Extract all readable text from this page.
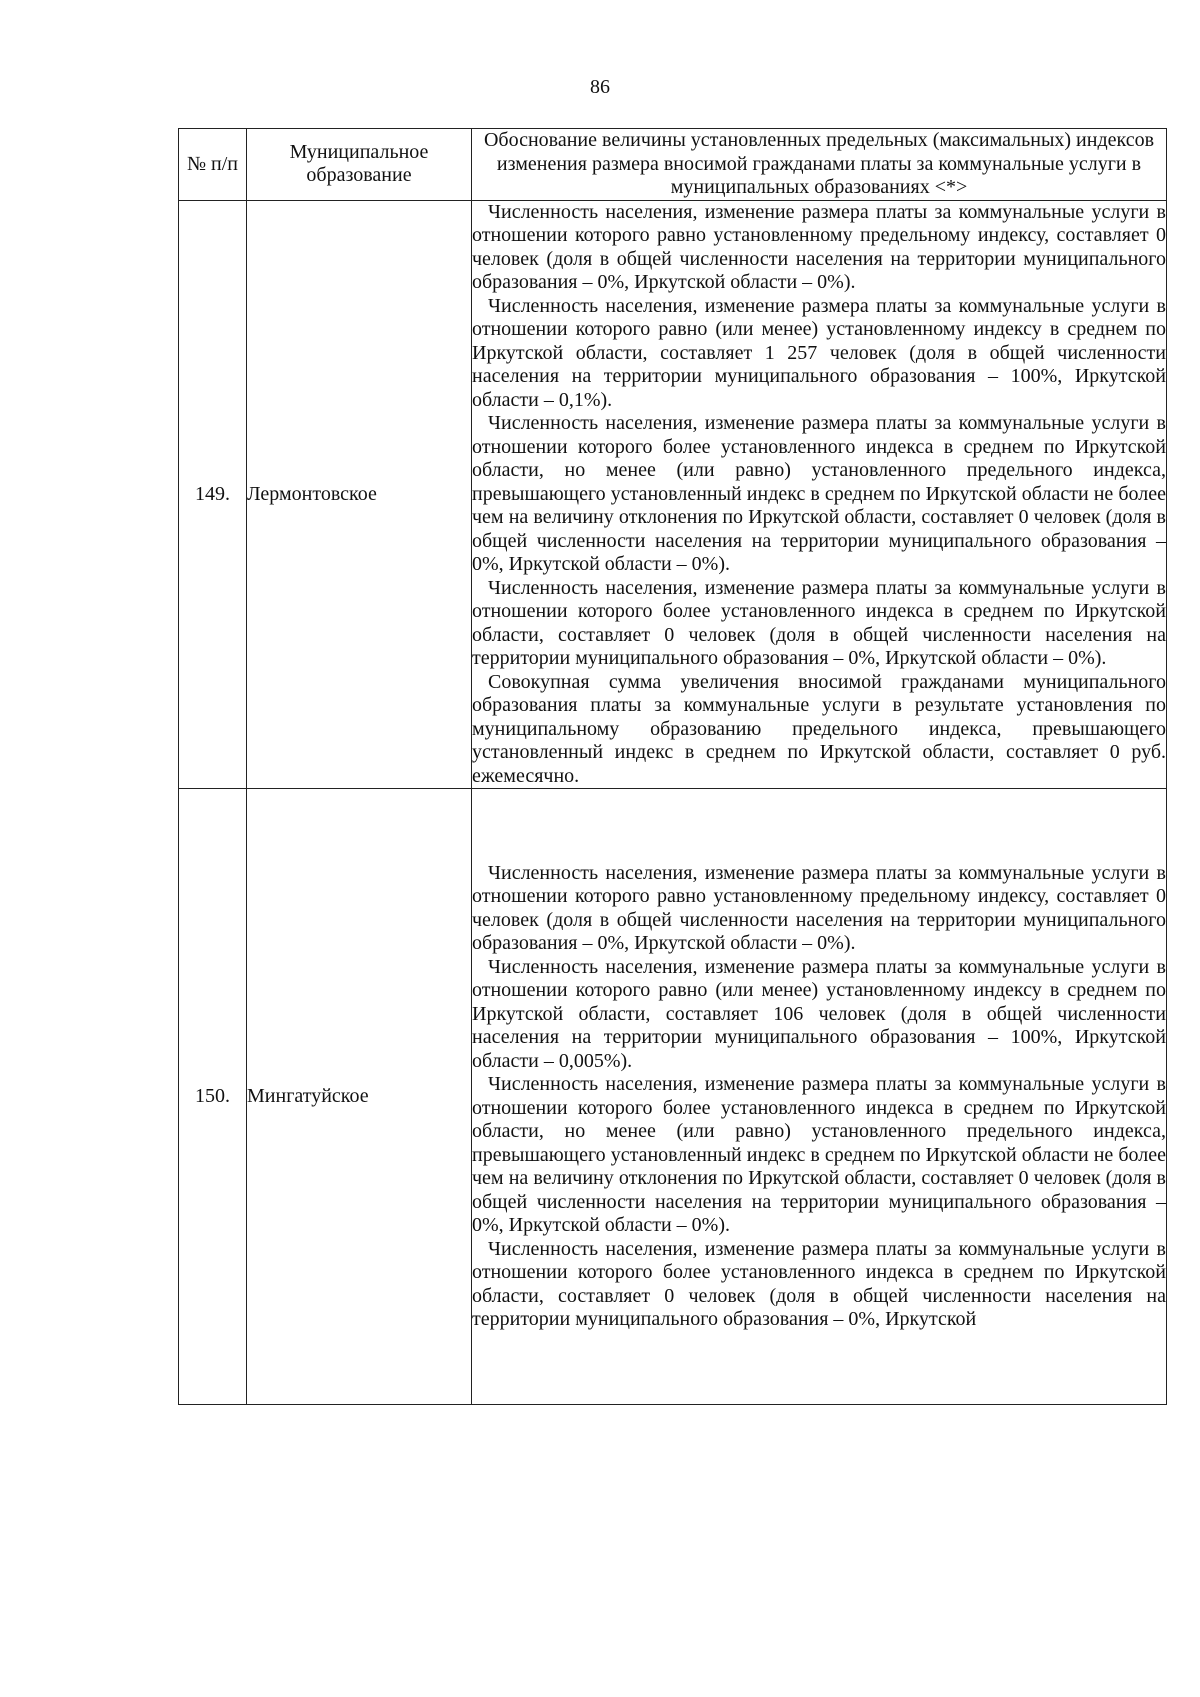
86
№ п/п	Муниципальное образование	Обоснование величины установленных предельных (максимальных) индексов изменения размера вносимой гражданами платы за коммунальные услуги в муниципальных образованиях <*>
149.	Лермонтовское	Численность населения, изменение размера платы за коммунальные услуги в отношении которого равно установленному предельному индексу, составляет 0 человек (доля в общей численности населения на территории муниципального образования – 0%, Иркутской области – 0%).

Численность населения, изменение размера платы за коммунальные услуги в отношении которого равно (или менее) установленному индексу в среднем по Иркутской области, составляет 1 257 человек (доля в общей численности населения на территории муниципального образования – 100%, Иркутской области – 0,1%).

Численность населения, изменение размера платы за коммунальные услуги в отношении которого более установленного индекса в среднем по Иркутской области, но менее (или равно) установленного предельного индекса, превышающего установленный индекс в среднем по Иркутской области не более чем на величину отклонения по Иркутской области, составляет 0 человек (доля в общей численности населения на территории муниципального образования – 0%, Иркутской области – 0%).

Численность населения, изменение размера платы за коммунальные услуги в отношении которого более установленного индекса в среднем по Иркутской области, составляет 0 человек (доля в общей численности населения на территории муниципального образования – 0%, Иркутской области – 0%).

Совокупная сумма увеличения вносимой гражданами муниципального образования платы за коммунальные услуги в результате установления по муниципальному образованию предельного индекса, превышающего установленный индекс в среднем по Иркутской области, составляет 0 руб. ежемесячно.

150.	Мингатуйское	Численность населения, изменение размера платы за коммунальные услуги в отношении которого равно установленному предельному индексу, составляет 0 человек (доля в общей численности населения на территории муниципального образования – 0%, Иркутской области – 0%).

Численность населения, изменение размера платы за коммунальные услуги в отношении которого равно (или менее) установленному индексу в среднем по Иркутской области, составляет 106 человек (доля в общей численности населения на территории муниципального образования – 100%, Иркутской области – 0,005%).

Численность населения, изменение размера платы за коммунальные услуги в отношении которого более установленного индекса в среднем по Иркутской области, но менее (или равно) установленного предельного индекса, превышающего установленный индекс в среднем по Иркутской области не более чем на величину отклонения по Иркутской области, составляет 0 человек (доля в общей численности населения на территории муниципального образования – 0%, Иркутской области – 0%).

Численность населения, изменение размера платы за коммунальные услуги в отношении которого более установленного индекса в среднем по Иркутской области, составляет 0 человек (доля в общей численности населения на территории муниципального образования – 0%, Иркутской
